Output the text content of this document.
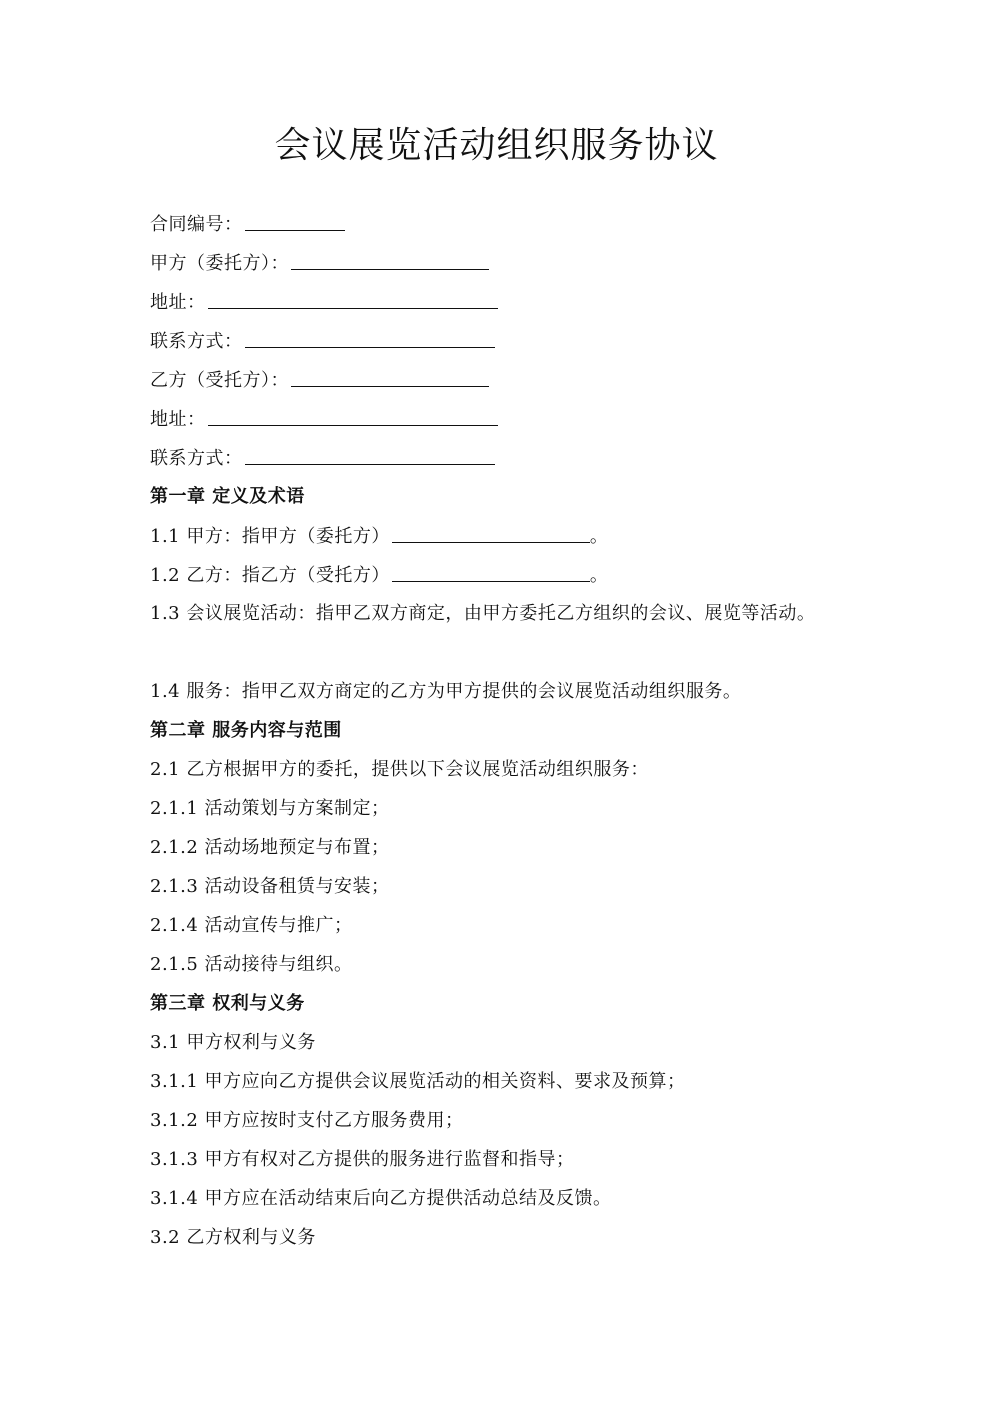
会议展览活动组织服务协议
合同编号：
甲方（委托方）：
地址：
联系方式：
乙方（受托方）：
地址：
联系方式：
第一章 定义及术语
1.1 甲方：指甲方（委托方）	。
1.2 乙方：指乙方（受托方）	。
1.3 会议展览活动：指甲乙双方商定，由甲方委托乙方组织的会议、展览等活动。
1.4 服务：指甲乙双方商定的乙方为甲方提供的会议展览活动组织服务。
第二章 服务内容与范围
2.1 乙方根据甲方的委托，提供以下会议展览活动组织服务：
2.1.1 活动策划与方案制定；
2.1.2 活动场地预定与布置；
2.1.3 活动设备租赁与安装；
2.1.4 活动宣传与推广；
2.1.5 活动接待与组织。
第三章 权利与义务
3.1 甲方权利与义务
3.1.1 甲方应向乙方提供会议展览活动的相关资料、要求及预算；
3.1.2 甲方应按时支付乙方服务费用；
3.1.3 甲方有权对乙方提供的服务进行监督和指导；
3.1.4 甲方应在活动结束后向乙方提供活动总结及反馈。
3.2 乙方权利与义务
